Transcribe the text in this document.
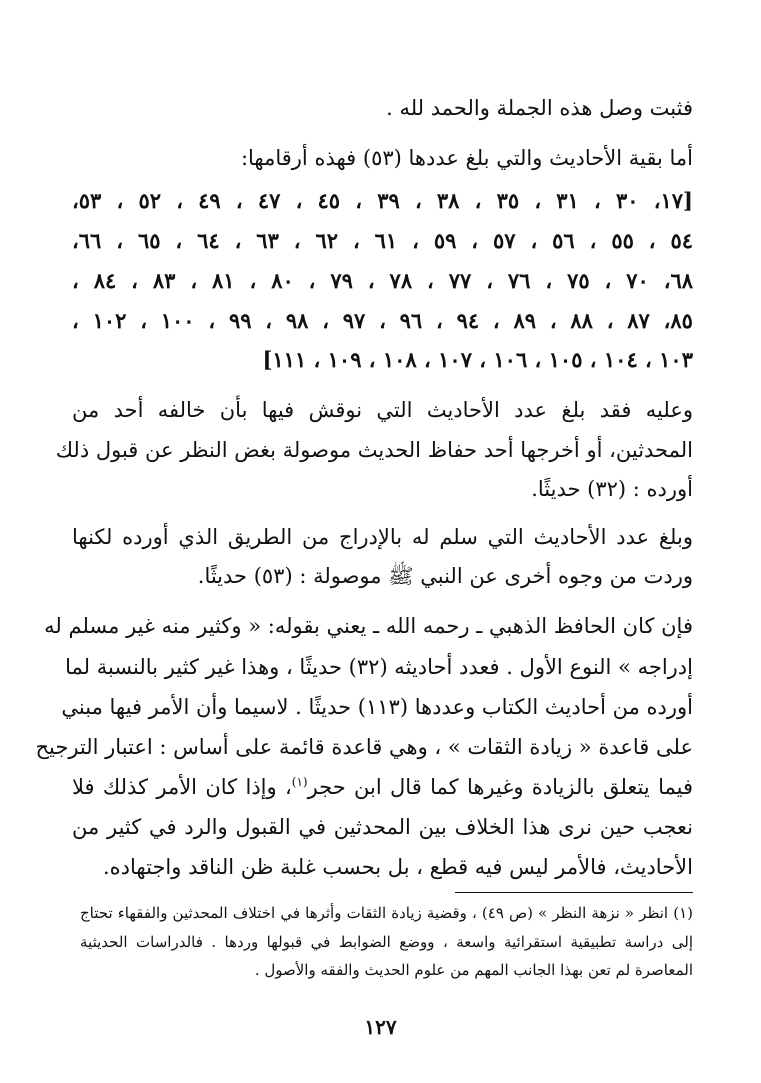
فثبت وصل هذه الجملة والحمد لله .
أما بقية الأحاديث والتي بلغ عددها (٥٣) فهذه أرقامها:
[١٧، ٣٠ ، ٣١ ، ٣٥ ، ٣٨ ، ٣٩ ، ٤٥ ، ٤٧ ، ٤٩ ، ٥٢ ، ٥٣،
٥٤ ، ٥٥ ، ٥٦ ، ٥٧ ، ٥٩ ، ٦١ ، ٦٢ ، ٦٣ ، ٦٤ ، ٦٥ ، ٦٦،
٦٨، ٧٠ ، ٧٥ ، ٧٦ ، ٧٧ ، ٧٨ ، ٧٩ ، ٨٠ ، ٨١ ، ٨٣ ، ٨٤ ،
٨٥، ٨٧ ، ٨٨ ، ٨٩ ، ٩٤ ، ٩٦ ، ٩٧ ، ٩٨ ، ٩٩ ، ١٠٠ ، ١٠٢ ،
١٠٣ ، ١٠٤ ، ١٠٥ ، ١٠٦ ، ١٠٧ ، ١٠٨ ، ١٠٩ ، ١١١]
وعليه فقد بلغ عدد الأحاديث التي نوقش فيها بأن خالفه أحد من
المحدثين، أو أخرجها أحد حفاظ الحديث موصولة بغض النظر عن قبول ذلك
أورده : (٣٢) حديثًا.
وبلغ عدد الأحاديث التي سلم له بالإدراج من الطريق الذي أورده لكنها
وردت من وجوه أخرى عن النبي ﷺ موصولة : (٥٣) حديثًا.
فإن كان الحافظ الذهبي ـ رحمه الله ـ يعني بقوله: « وكثير منه غير مسلم له
إدراجه » النوع الأول . فعدد أحاديثه (٣٢) حديثًا ، وهذا غير كثير بالنسبة لما
أورده من أحاديث الكتاب وعددها (١١٣) حديثًا . لاسيما وأن الأمر فيها مبني
على قاعدة « زيادة الثقات » ، وهي قاعدة قائمة على أساس : اعتبار الترجيح
فيما يتعلق بالزيادة وغيرها كما قال ابن حجر$^{(١)}$، وإذا كان الأمر كذلك فلا
نعجب حين نرى هذا الخلاف بين المحدثين في القبول والرد في كثير من
الأحاديث، فالأمر ليس فيه قطع ، بل بحسب غلبة ظن الناقد واجتهاده.
(١) انظر « نزهة النظر » (ص ٤٩) ، وقضية زيادة الثقات وأثرها في اختلاف المحدثين والفقهاء تحتاج
إلى دراسة تطبيقية استقرائية واسعة ، ووضع الضوابط في قبولها وردها . فالدراسات الحديثية
المعاصرة لم تعن بهذا الجانب المهم من علوم الحديث والفقه والأصول .
١٢٧
